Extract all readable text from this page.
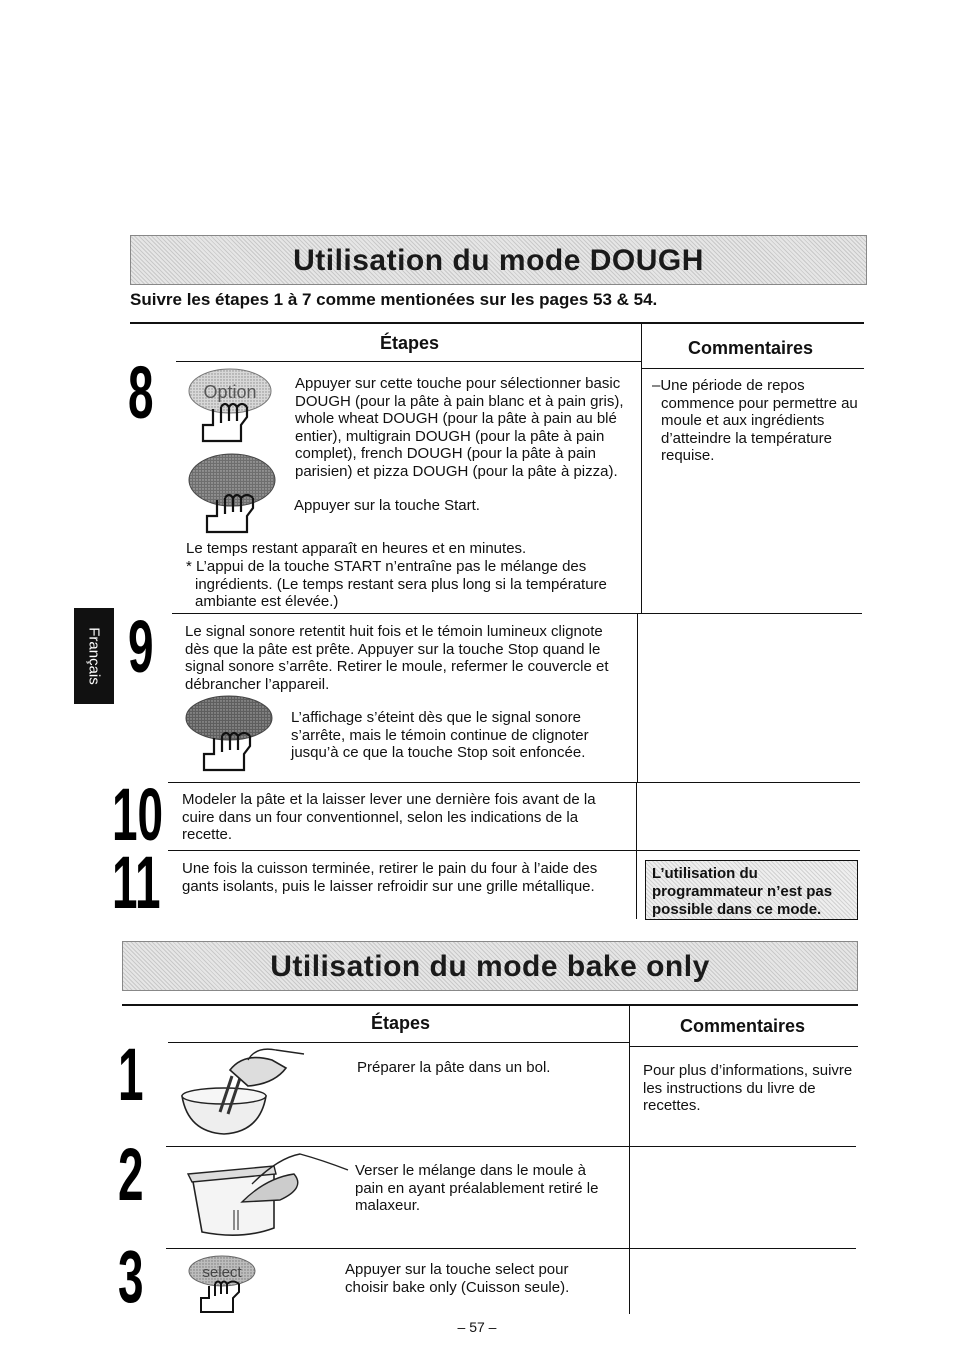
Utilisation du mode DOUGH
Suivre les étapes 1 à 7 comme mentionées sur les pages 53 & 54.
Étapes	Commentaires
8	Option	Appuyer sur cette touche pour sélectionner basic DOUGH (pour la pâte à pain blanc et à pain gris), whole wheat DOUGH (pour la pâte à pain au blé entier), multigrain DOUGH (pour la pâte à pain complet), french DOUGH (pour la pâte à pain parisien) et pizza DOUGH (pour la pâte à pizza).
Appuyer sur la touche Start.
Le temps restant apparaît en heures et en minutes.
* L’appui de la touche START n’entraîne pas le mélange des ingrédients. (Le temps restant sera plus long si la température ambiante est élevée.)
–Une période de repos commence pour permettre au moule et aux ingrédients d’atteindre la température requise.
Français 9 Le signal sonore retentit huit fois et le témoin lumineux clignote dès que la pâte est prête. Appuyer sur la touche Stop quand le signal sonore s’arrête. Retirer le moule, refermer le couvercle et débrancher l’appareil.
L’affichage s’éteint dès que le signal sonore s’arrête, mais le témoin continue de clignoter jusqu’à ce que la touche Stop soit enfoncée.
10 Modeler la pâte et la laisser lever une dernière fois avant de la cuire dans un four conventionnel, selon les indications de la recette.
11 Une fois la cuisson terminée, retirer le pain du four à l’aide des gants isolants, puis le laisser refroidir sur une grille métallique.
L’utilisation du programmateur n’est pas possible dans ce mode.
Utilisation du mode bake only
Étapes	Commentaires
1	Préparer la pâte dans un bol.	Pour plus d’informations, suivre les instructions du livre de recettes.
2	Verser le mélange dans le moule à pain en ayant préalablement retiré le malaxeur.
3	select	Appuyer sur la touche select pour choisir bake only (Cuisson seule).
– 57 –
